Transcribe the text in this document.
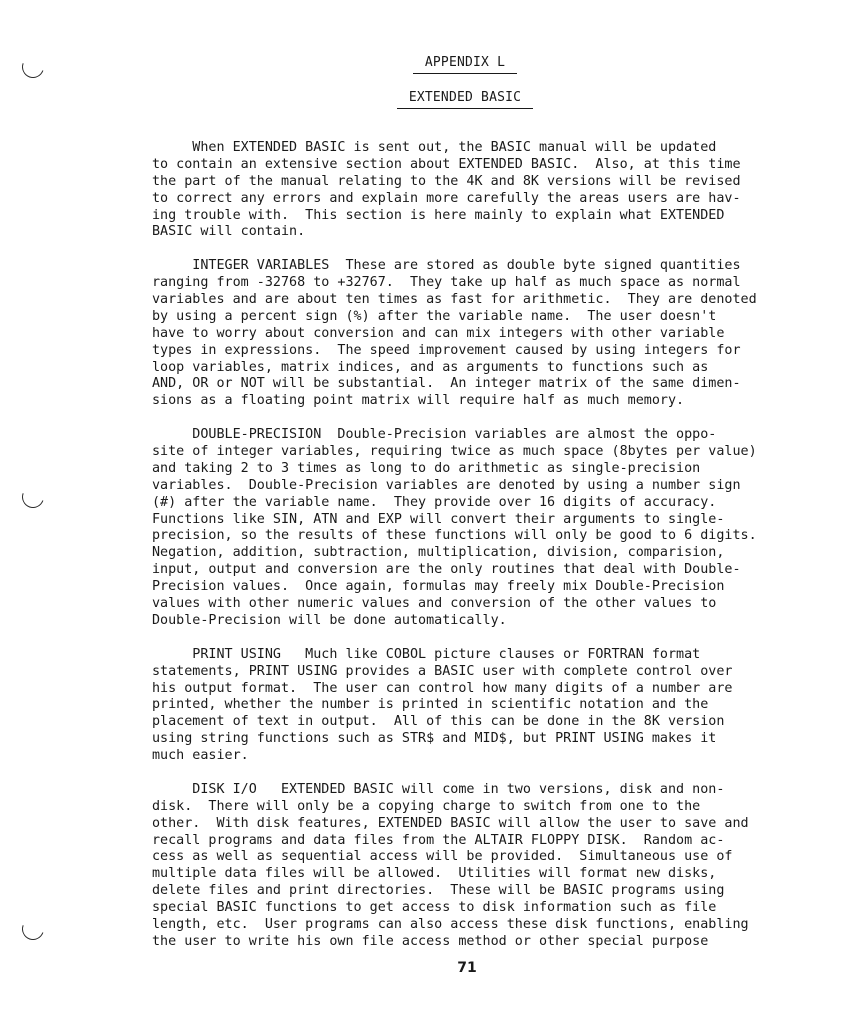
APPENDIX L
EXTENDED BASIC
When EXTENDED BASIC is sent out, the BASIC manual will be updated
to contain an extensive section about EXTENDED BASIC.  Also, at this time
the part of the manual relating to the 4K and 8K versions will be revised
to correct any errors and explain more carefully the areas users are hav-
ing trouble with.  This section is here mainly to explain what EXTENDED
BASIC will contain.
INTEGER VARIABLES  These are stored as double byte signed quantities
ranging from -32768 to +32767.  They take up half as much space as normal
variables and are about ten times as fast for arithmetic.  They are denoted
by using a percent sign (%) after the variable name.  The user doesn't
have to worry about conversion and can mix integers with other variable
types in expressions.  The speed improvement caused by using integers for
loop variables, matrix indices, and as arguments to functions such as
AND, OR or NOT will be substantial.  An integer matrix of the same dimen-
sions as a floating point matrix will require half as much memory.
DOUBLE-PRECISION  Double-Precision variables are almost the oppo-
site of integer variables, requiring twice as much space (8bytes per value)
and taking 2 to 3 times as long to do arithmetic as single-precision
variables.  Double-Precision variables are denoted by using a number sign
(#) after the variable name.  They provide over 16 digits of accuracy.
Functions like SIN, ATN and EXP will convert their arguments to single-
precision, so the results of these functions will only be good to 6 digits.
Negation, addition, subtraction, multiplication, division, comparision,
input, output and conversion are the only routines that deal with Double-
Precision values.  Once again, formulas may freely mix Double-Precision
values with other numeric values and conversion of the other values to
Double-Precision will be done automatically.
PRINT USING   Much like COBOL picture clauses or FORTRAN format
statements, PRINT USING provides a BASIC user with complete control over
his output format.  The user can control how many digits of a number are
printed, whether the number is printed in scientific notation and the
placement of text in output.  All of this can be done in the 8K version
using string functions such as STR$ and MID$, but PRINT USING makes it
much easier.
DISK I/O   EXTENDED BASIC will come in two versions, disk and non-
disk.  There will only be a copying charge to switch from one to the
other.  With disk features, EXTENDED BASIC will allow the user to save and
recall programs and data files from the ALTAIR FLOPPY DISK.  Random ac-
cess as well as sequential access will be provided.  Simultaneous use of
multiple data files will be allowed.  Utilities will format new disks,
delete files and print directories.  These will be BASIC programs using
special BASIC functions to get access to disk information such as file
length, etc.  User programs can also access these disk functions, enabling
the user to write his own file access method or other special purpose
71
